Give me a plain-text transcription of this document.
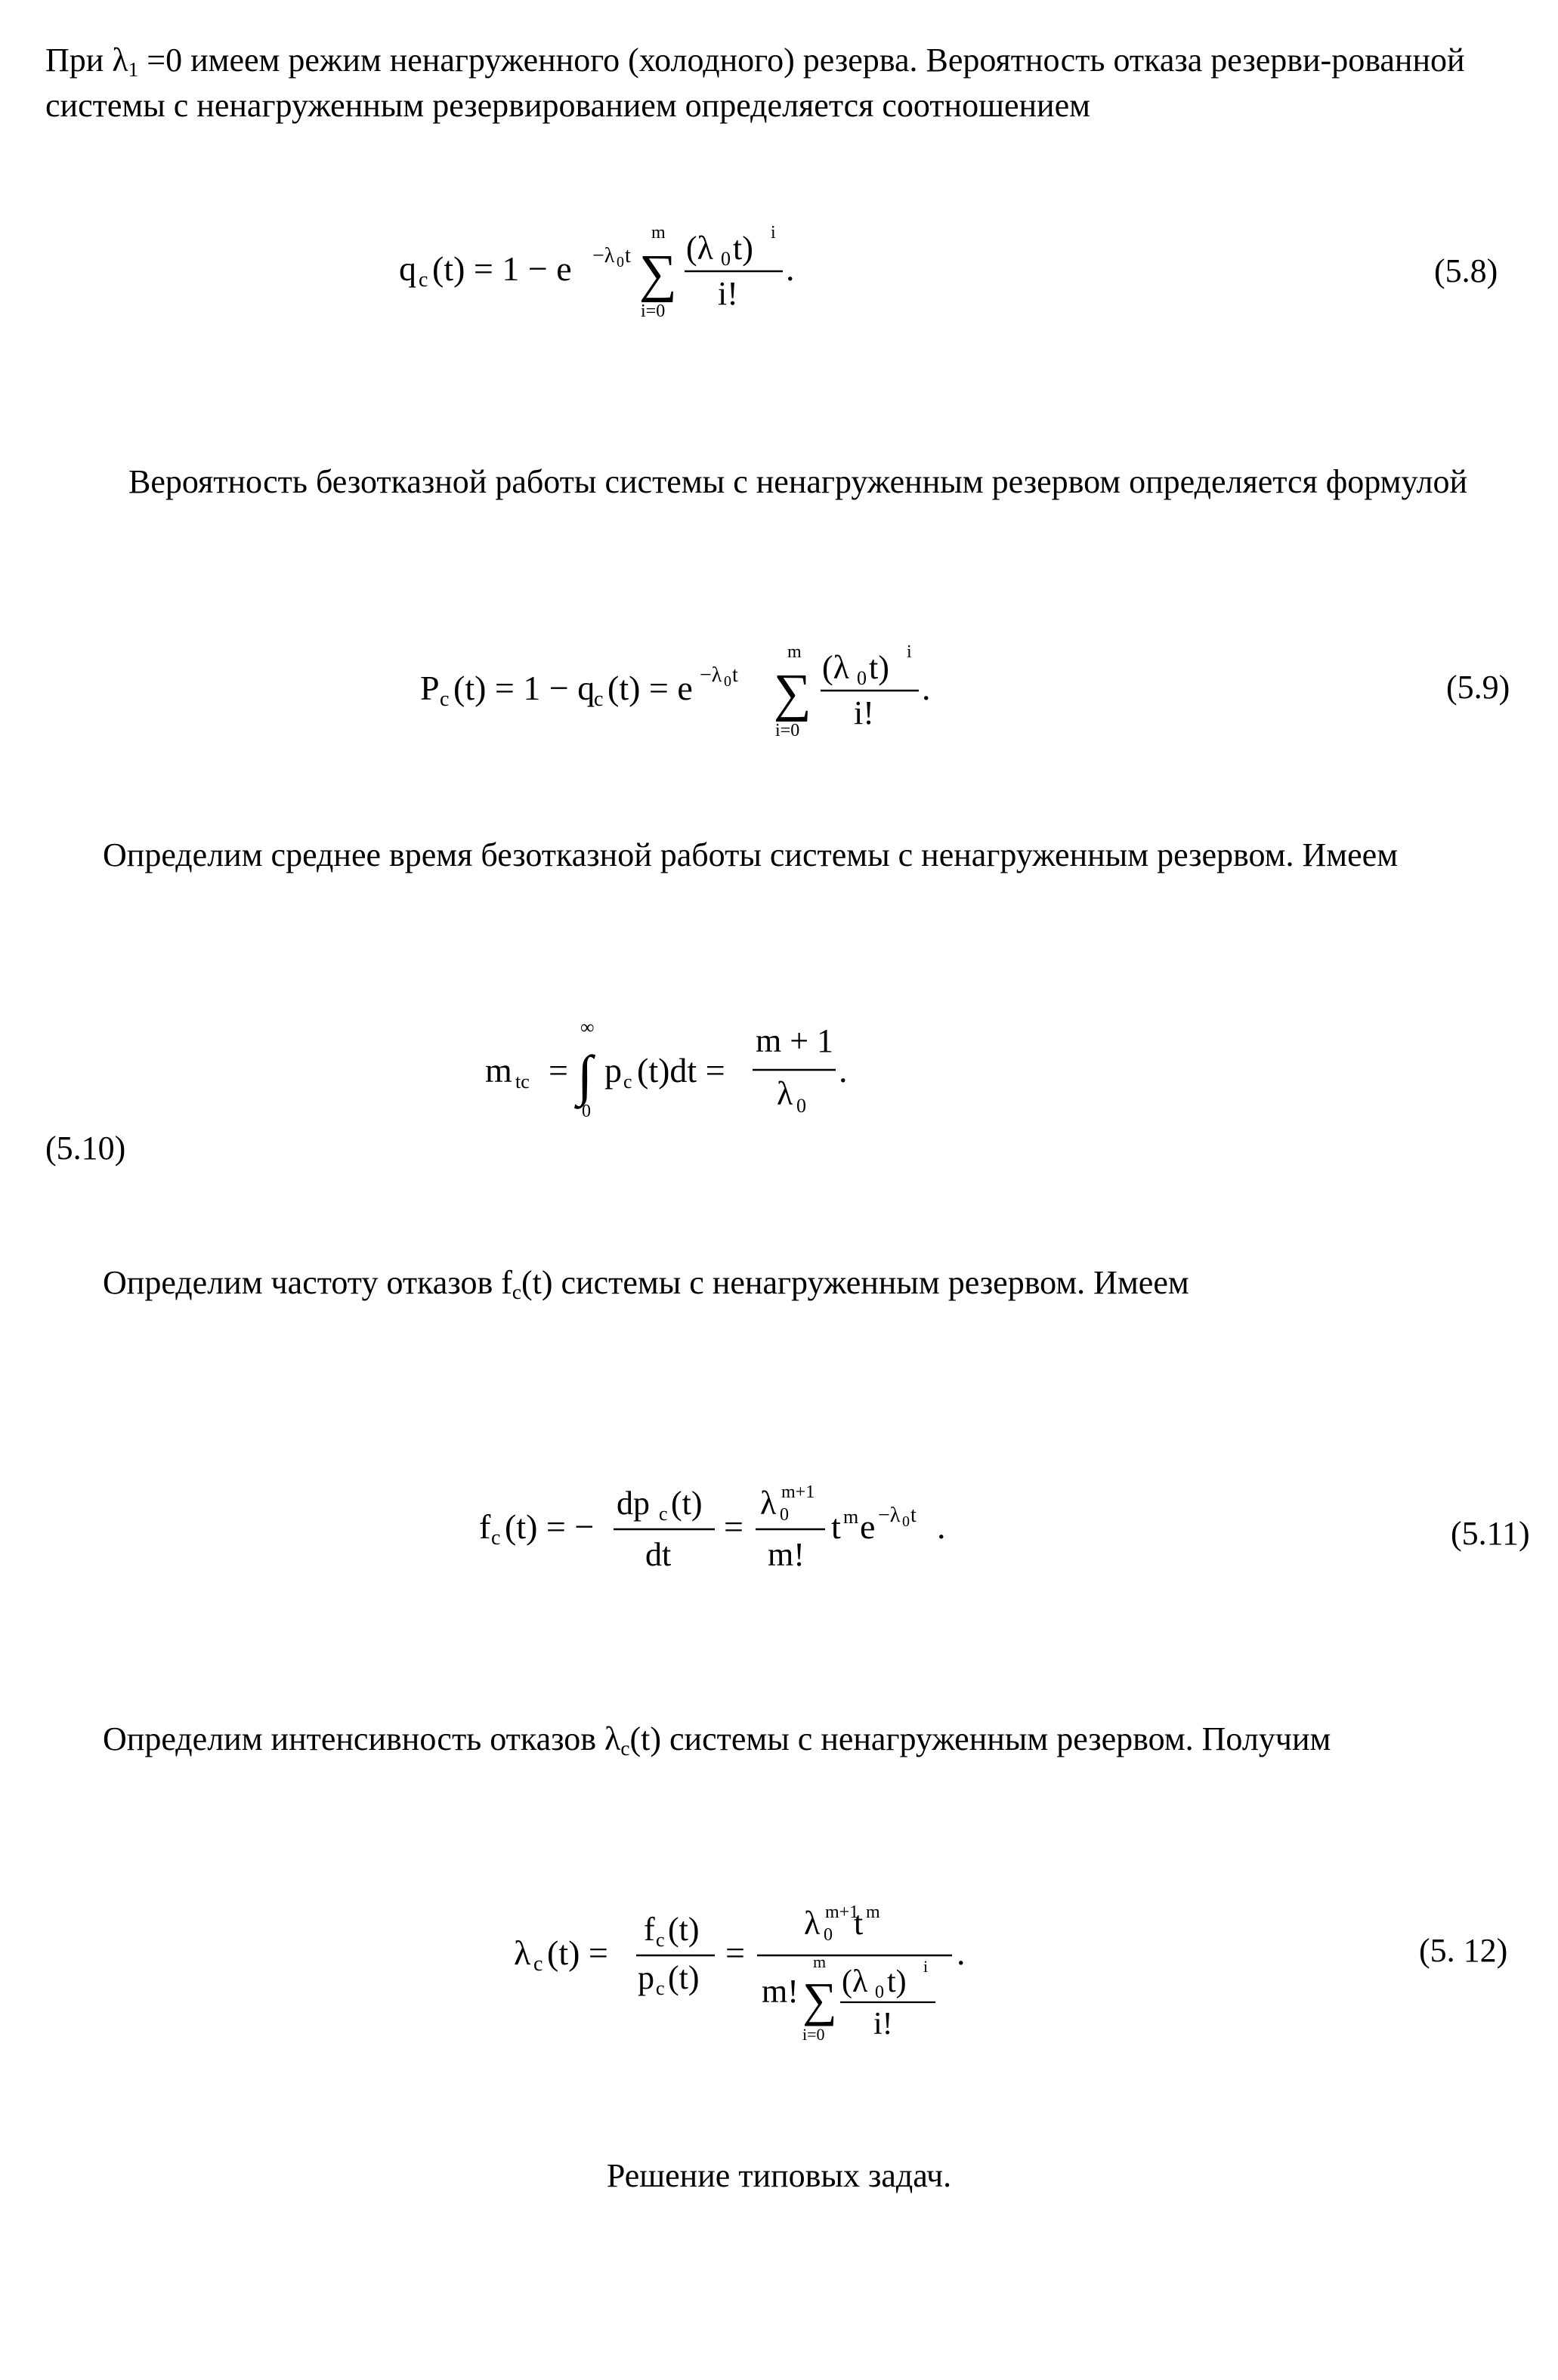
При $\lambda_1 =0$ имеем режим ненагруженного (холодного) резерва. Вероятность отказа резерви-рованной системы с ненагруженным резервированием определяется соотношением

q c (t) = 1 − e −λ 0 t
m
∑
i=0
(λ 0 t) i
i!
.	(5.8)

Вероятность безотказной работы системы с ненагруженным резервом определяется формулой

P c (t) = 1 − q
c (t) = e −λ 0 t
m
∑
i=0
(λ 0 t) i
i!
.	(5.9)

Определим среднее время безотказной работы системы с ненагруженным резервом. Имеем

m tc =
∞
∫
0
p c (t)dt =
m + 1
λ 0
.
(5.10)

Определим частоту отказов $f_c(t)$ системы с ненагруженным резервом. Имеем

f c (t) = −
dp c (t)
dt
=
λ 0
m+1
m!
t m e −λ 0 t .	(5.11)

Определим интенсивность отказов $\lambda_c(t)$ системы с ненагруженным резервом. Получим

λ c (t) =
f c (t)
p c (t)
=
λ 0
m+1
t m
m!
m
∑
i=0
(λ 0 t) i
i!
.	(5. 12)
Решение типовых задач.
